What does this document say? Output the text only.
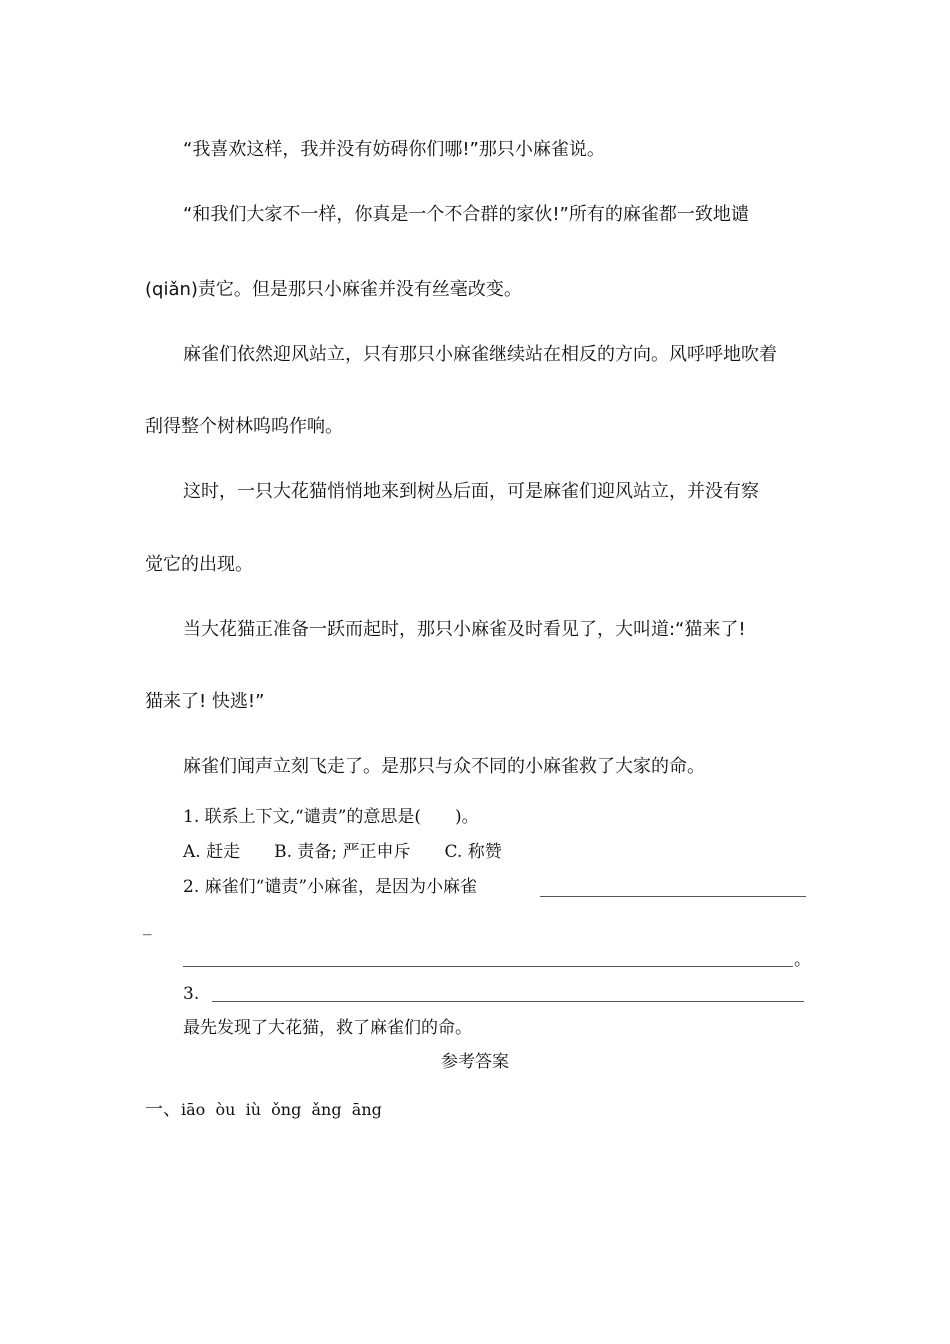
“我喜欢这样，我并没有妨碍你们哪!”那只小麻雀说。
“和我们大家不一样，你真是一个不合群的家伙!”所有的麻雀都一致地谴
(qiǎn)责它。但是那只小麻雀并没有丝毫改变。
麻雀们依然迎风站立，只有那只小麻雀继续站在相反的方向。风呼呼地吹着
刮得整个树林呜呜作响。
这时，一只大花猫悄悄地来到树丛后面，可是麻雀们迎风站立，并没有察
觉它的出现。
当大花猫正准备一跃而起时，那只小麻雀及时看见了，大叫道:“猫来了!
猫来了! 快逃!”
麻雀们闻声立刻飞走了。是那只与众不同的小麻雀救了大家的命。
1. 联系上下文,“谴责”的意思是(　　)。
A. 赶走　　B. 责备; 严正申斥　　C. 称赞
2. 麻雀们“谴责”小麻雀，是因为小麻雀
_
。
3.
最先发现了大花猫，救了麻雀们的命。
参考答案
一、iāo  òu  iù  ǒng  ǎng  āng
